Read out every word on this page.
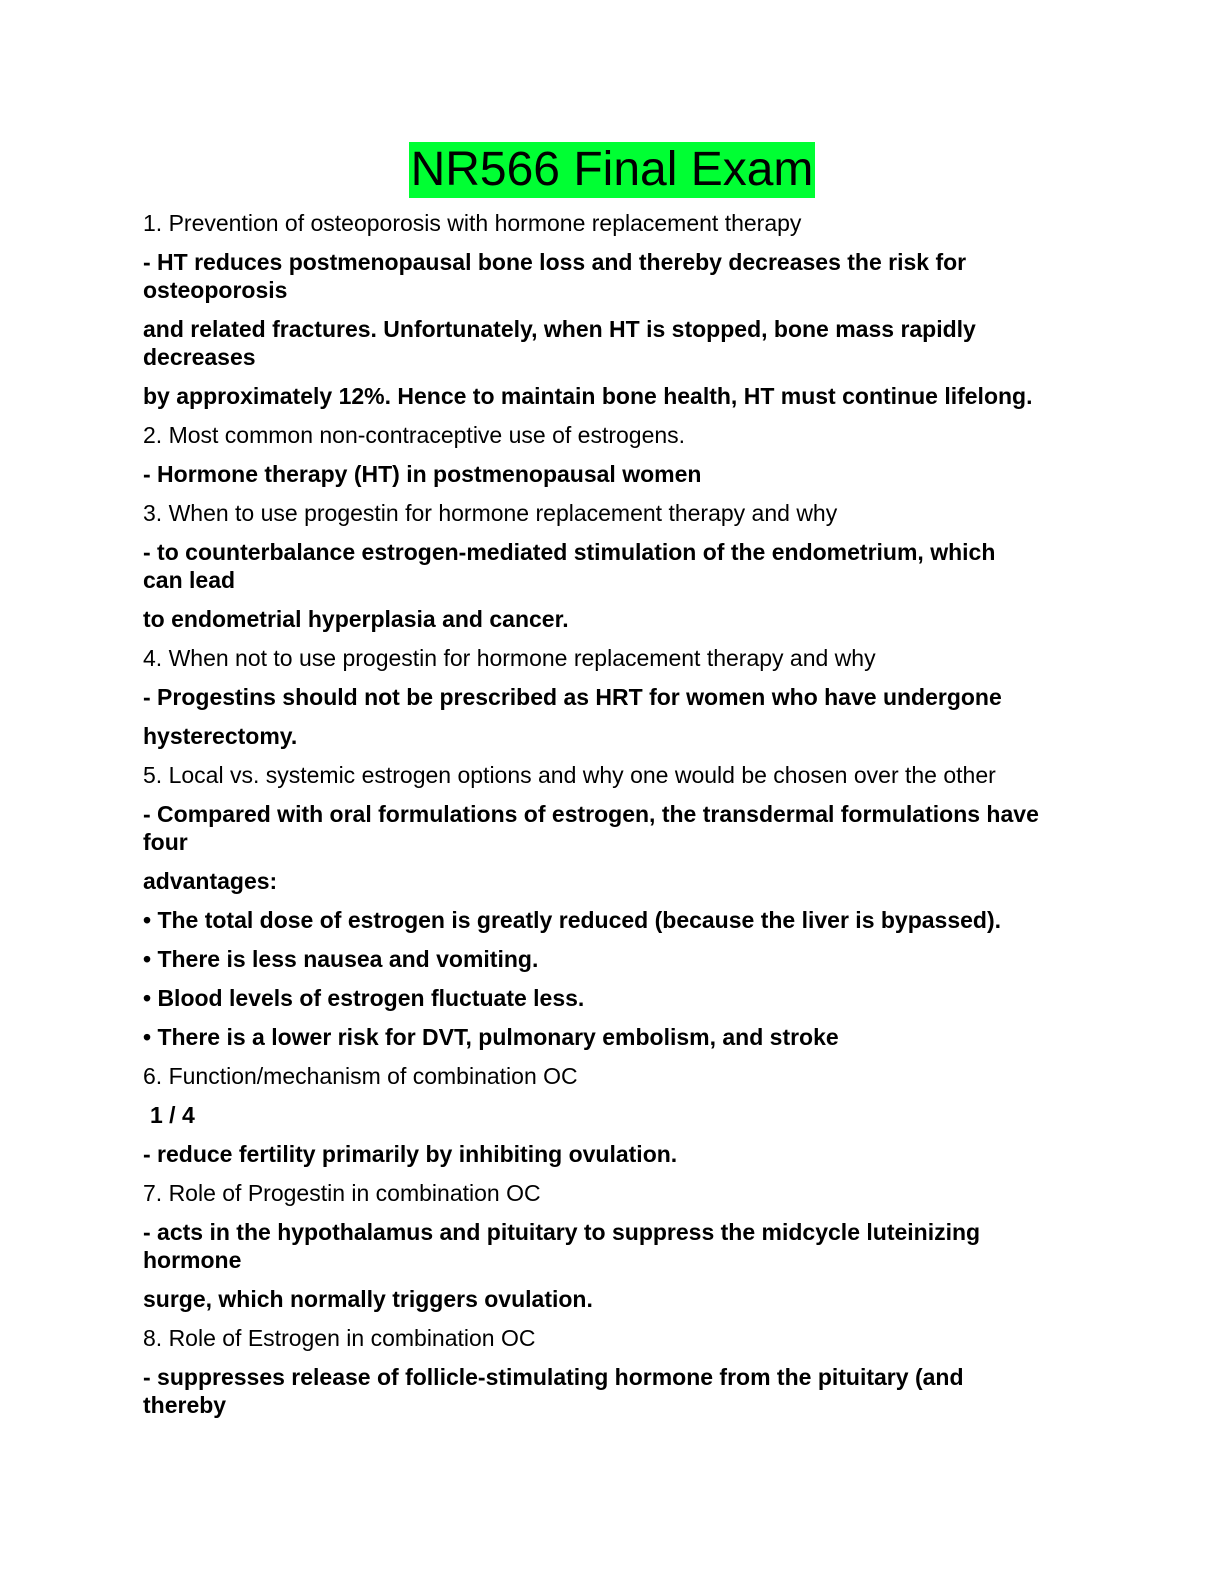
NR566 Final Exam
1. Prevention of osteoporosis with hormone replacement therapy
- HT reduces postmenopausal bone loss and thereby decreases the risk for osteoporosis
and related fractures. Unfortunately, when HT is stopped, bone mass rapidly decreases
by approximately 12%. Hence to maintain bone health, HT must continue lifelong.
2. Most common non-contraceptive use of estrogens.
- Hormone therapy (HT) in postmenopausal women
3. When to use progestin for hormone replacement therapy and why
- to counterbalance estrogen-mediated stimulation of the endometrium, which can lead
to endometrial hyperplasia and cancer.
4. When not to use progestin for hormone replacement therapy and why
- Progestins should not be prescribed as HRT for women who have undergone
hysterectomy.
5. Local vs. systemic estrogen options and why one would be chosen over the other
- Compared with oral formulations of estrogen, the transdermal formulations have four
advantages:
• The total dose of estrogen is greatly reduced (because the liver is bypassed).
• There is less nausea and vomiting.
• Blood levels of estrogen fluctuate less.
• There is a lower risk for DVT, pulmonary embolism, and stroke
6. Function/mechanism of combination OC
1 / 4
- reduce fertility primarily by inhibiting ovulation.
7. Role of Progestin in combination OC
- acts in the hypothalamus and pituitary to suppress the midcycle luteinizing hormone
surge, which normally triggers ovulation.
8. Role of Estrogen in combination OC
- suppresses release of follicle-stimulating hormone from the pituitary (and thereby
